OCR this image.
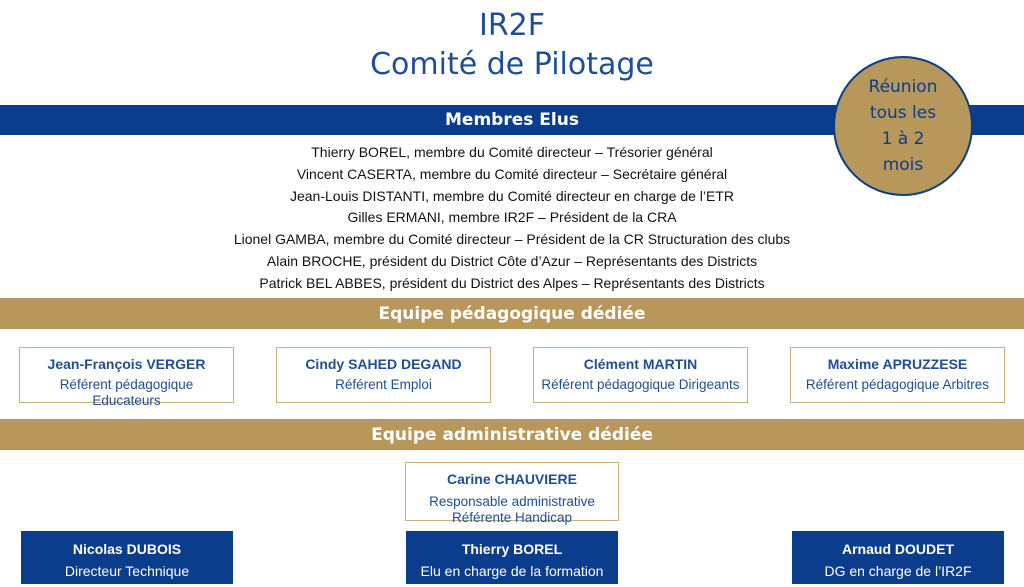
IR2F
Comité de Pilotage
Membres Elus
Réunion
tous les
1 à 2
mois
Thierry BOREL, membre du Comité directeur – Trésorier général
Vincent CASERTA, membre du Comité directeur – Secrétaire général
Jean-Louis DISTANTI, membre du Comité directeur en charge de l’ETR
Gilles ERMANI, membre IR2F – Président de la CRA
Lionel GAMBA, membre du Comité directeur – Président de la CR Structuration des clubs
Alain BROCHE, président du District Côte d’Azur – Représentants des Districts
Patrick BEL ABBES, président du District des Alpes – Représentants des Districts
Equipe pédagogique dédiée
Jean-François VERGER
Référent pédagogique
Educateurs
Cindy SAHED DEGAND
Référent Emploi
Clément MARTIN
Référent pédagogique Dirigeants
Maxime APRUZZESE
Référent pédagogique Arbitres
Equipe administrative dédiée
Carine CHAUVIERE
Responsable administrative
Référente Handicap
Nicolas DUBOIS
Directeur Technique
Thierry BOREL
Elu en charge de la formation
Arnaud DOUDET
DG en charge de l’IR2F
